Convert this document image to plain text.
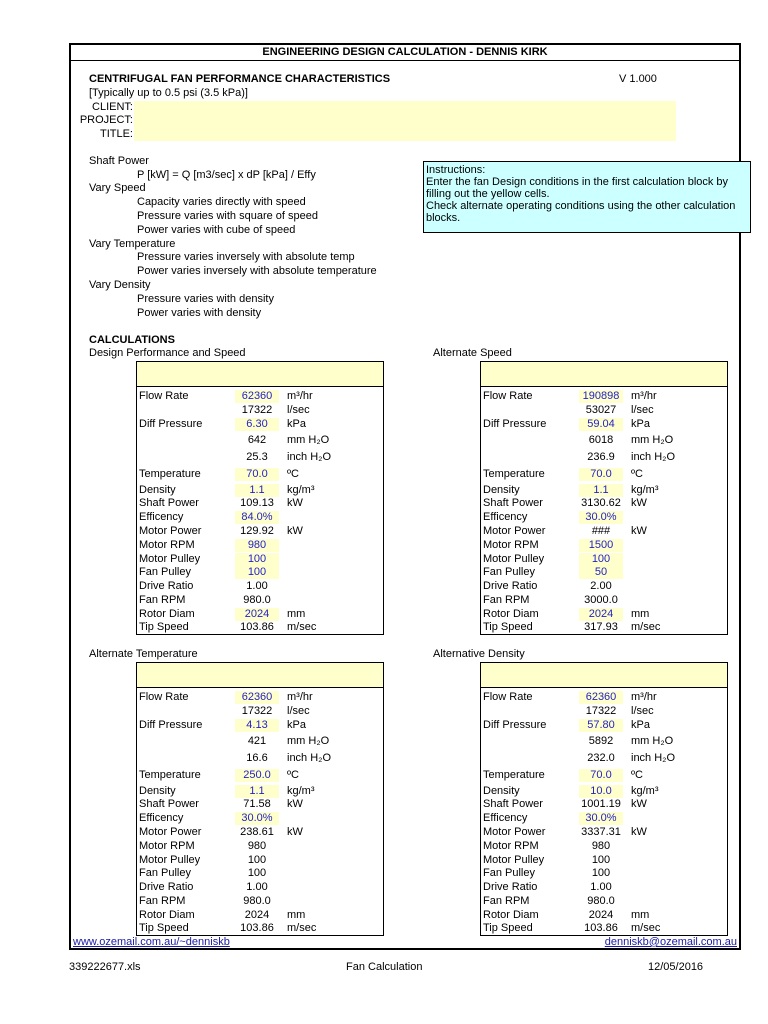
ENGINEERING DESIGN CALCULATION - DENNIS KIRK
CENTRIFUGAL FAN PERFORMANCE CHARACTERISTICS	V 1.000
[Typically up to 0.5 psi (3.5 kPa)]
CLIENT:
PROJECT:
TITLE:
Shaft Power
P [kW] = Q [m3/sec] x dP [kPa] / Effy
Vary Speed
Capacity varies directly with speed
Pressure varies with square of speed
Power varies with cube of speed
Vary Temperature
Pressure varies inversely with absolute temp
Power varies inversely with absolute temperature
Vary Density
Pressure varies with density
Power varies with density
Instructions:
Enter the fan Design conditions in the first calculation block by filling out the yellow cells.
Check alternate operating conditions using the other calculation blocks.
CALCULATIONS
Design Performance and Speed	Alternate Speed
Alternate Temperature	Alternative Density
Flow Rate	62360	m³/hr
17322	l/sec
Diff Pressure	6.30	kPa
642	mm H₂O
25.3	inch H₂O
Temperature	70.0	ºC
Density	1.1	kg/m³
Shaft Power	109.13	kW
Efficency	84.0%
Motor Power	129.92	kW
Motor RPM	980
Motor Pulley	100
Fan Pulley	100
Drive Ratio	1.00
Fan RPM	980.0
Rotor Diam	2024	mm
Tip Speed	103.86	m/sec
Flow Rate	190898	m³/hr
53027	l/sec
Diff Pressure	59.04	kPa
6018	mm H₂O
236.9	inch H₂O
Temperature	70.0	ºC
Density	1.1	kg/m³
Shaft Power	3130.62 kW
Efficency	30.0%
Motor Power	###	kW
Motor RPM	1500
Motor Pulley	100
Fan Pulley	50
Drive Ratio	2.00
Fan RPM	3000.0
Rotor Diam	2024	mm
Tip Speed	317.93	m/sec
Flow Rate	62360	m³/hr
17322	l/sec
Diff Pressure	4.13	kPa
421	mm H₂O
16.6	inch H₂O
Temperature	250.0	ºC
Density	1.1	kg/m³
Shaft Power	71.58	kW
Efficency	30.0%
Motor Power	238.61	kW
Motor RPM	980
Motor Pulley	100
Fan Pulley	100
Drive Ratio	1.00
Fan RPM	980.0
Rotor Diam	2024	mm
Tip Speed	103.86	m/sec
Flow Rate	62360	m³/hr
17322	l/sec
Diff Pressure	57.80	kPa
5892	mm H₂O
232.0	inch H₂O
Temperature	70.0	ºC
Density	10.0	kg/m³
Shaft Power	1001.19 kW
Efficency	30.0%
Motor Power	3337.31 kW
Motor RPM	980
Motor Pulley	100
Fan Pulley	100
Drive Ratio	1.00
Fan RPM	980.0
Rotor Diam	2024	mm
Tip Speed	103.86	m/sec
www.ozemail.com.au/~denniskb	denniskb@ozemail.com.au
339222677.xls	Fan Calculation	12/05/2016
